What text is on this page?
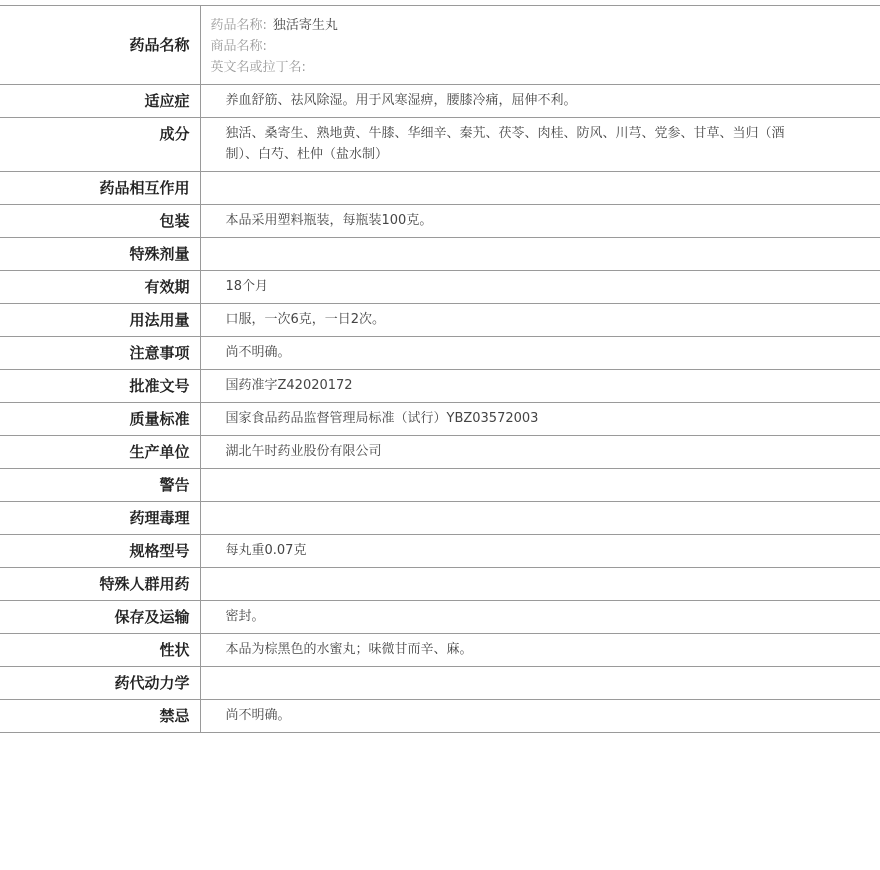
药品名称	药品名称: 独活寄生丸
商品名称:
英文名或拉丁名:

适应症	养血舒筋、祛风除湿。用于风寒湿痹，腰膝冷痛，屈伸不利。
成分	独活、桑寄生、熟地黄、牛膝、华细辛、秦艽、茯苓、肉桂、防风、川芎、党参、甘草、当归（酒制）、白芍、杜仲（盐水制）
药品相互作用	
包装	本品采用塑料瓶装，每瓶装100克。
特殊剂量	
有效期	18个月
用法用量	口服，一次6克，一日2次。
注意事项	尚不明确。
批准文号	国药准字Z42020172
质量标准	国家食品药品监督管理局标准（试行）YBZ03572003
生产单位	湖北午时药业股份有限公司
警告	
药理毒理	
规格型号	每丸重0.07克
特殊人群用药	
保存及运输	密封。
性状	本品为棕黑色的水蜜丸；味微甘而辛、麻。
药代动力学	
禁忌	尚不明确。
